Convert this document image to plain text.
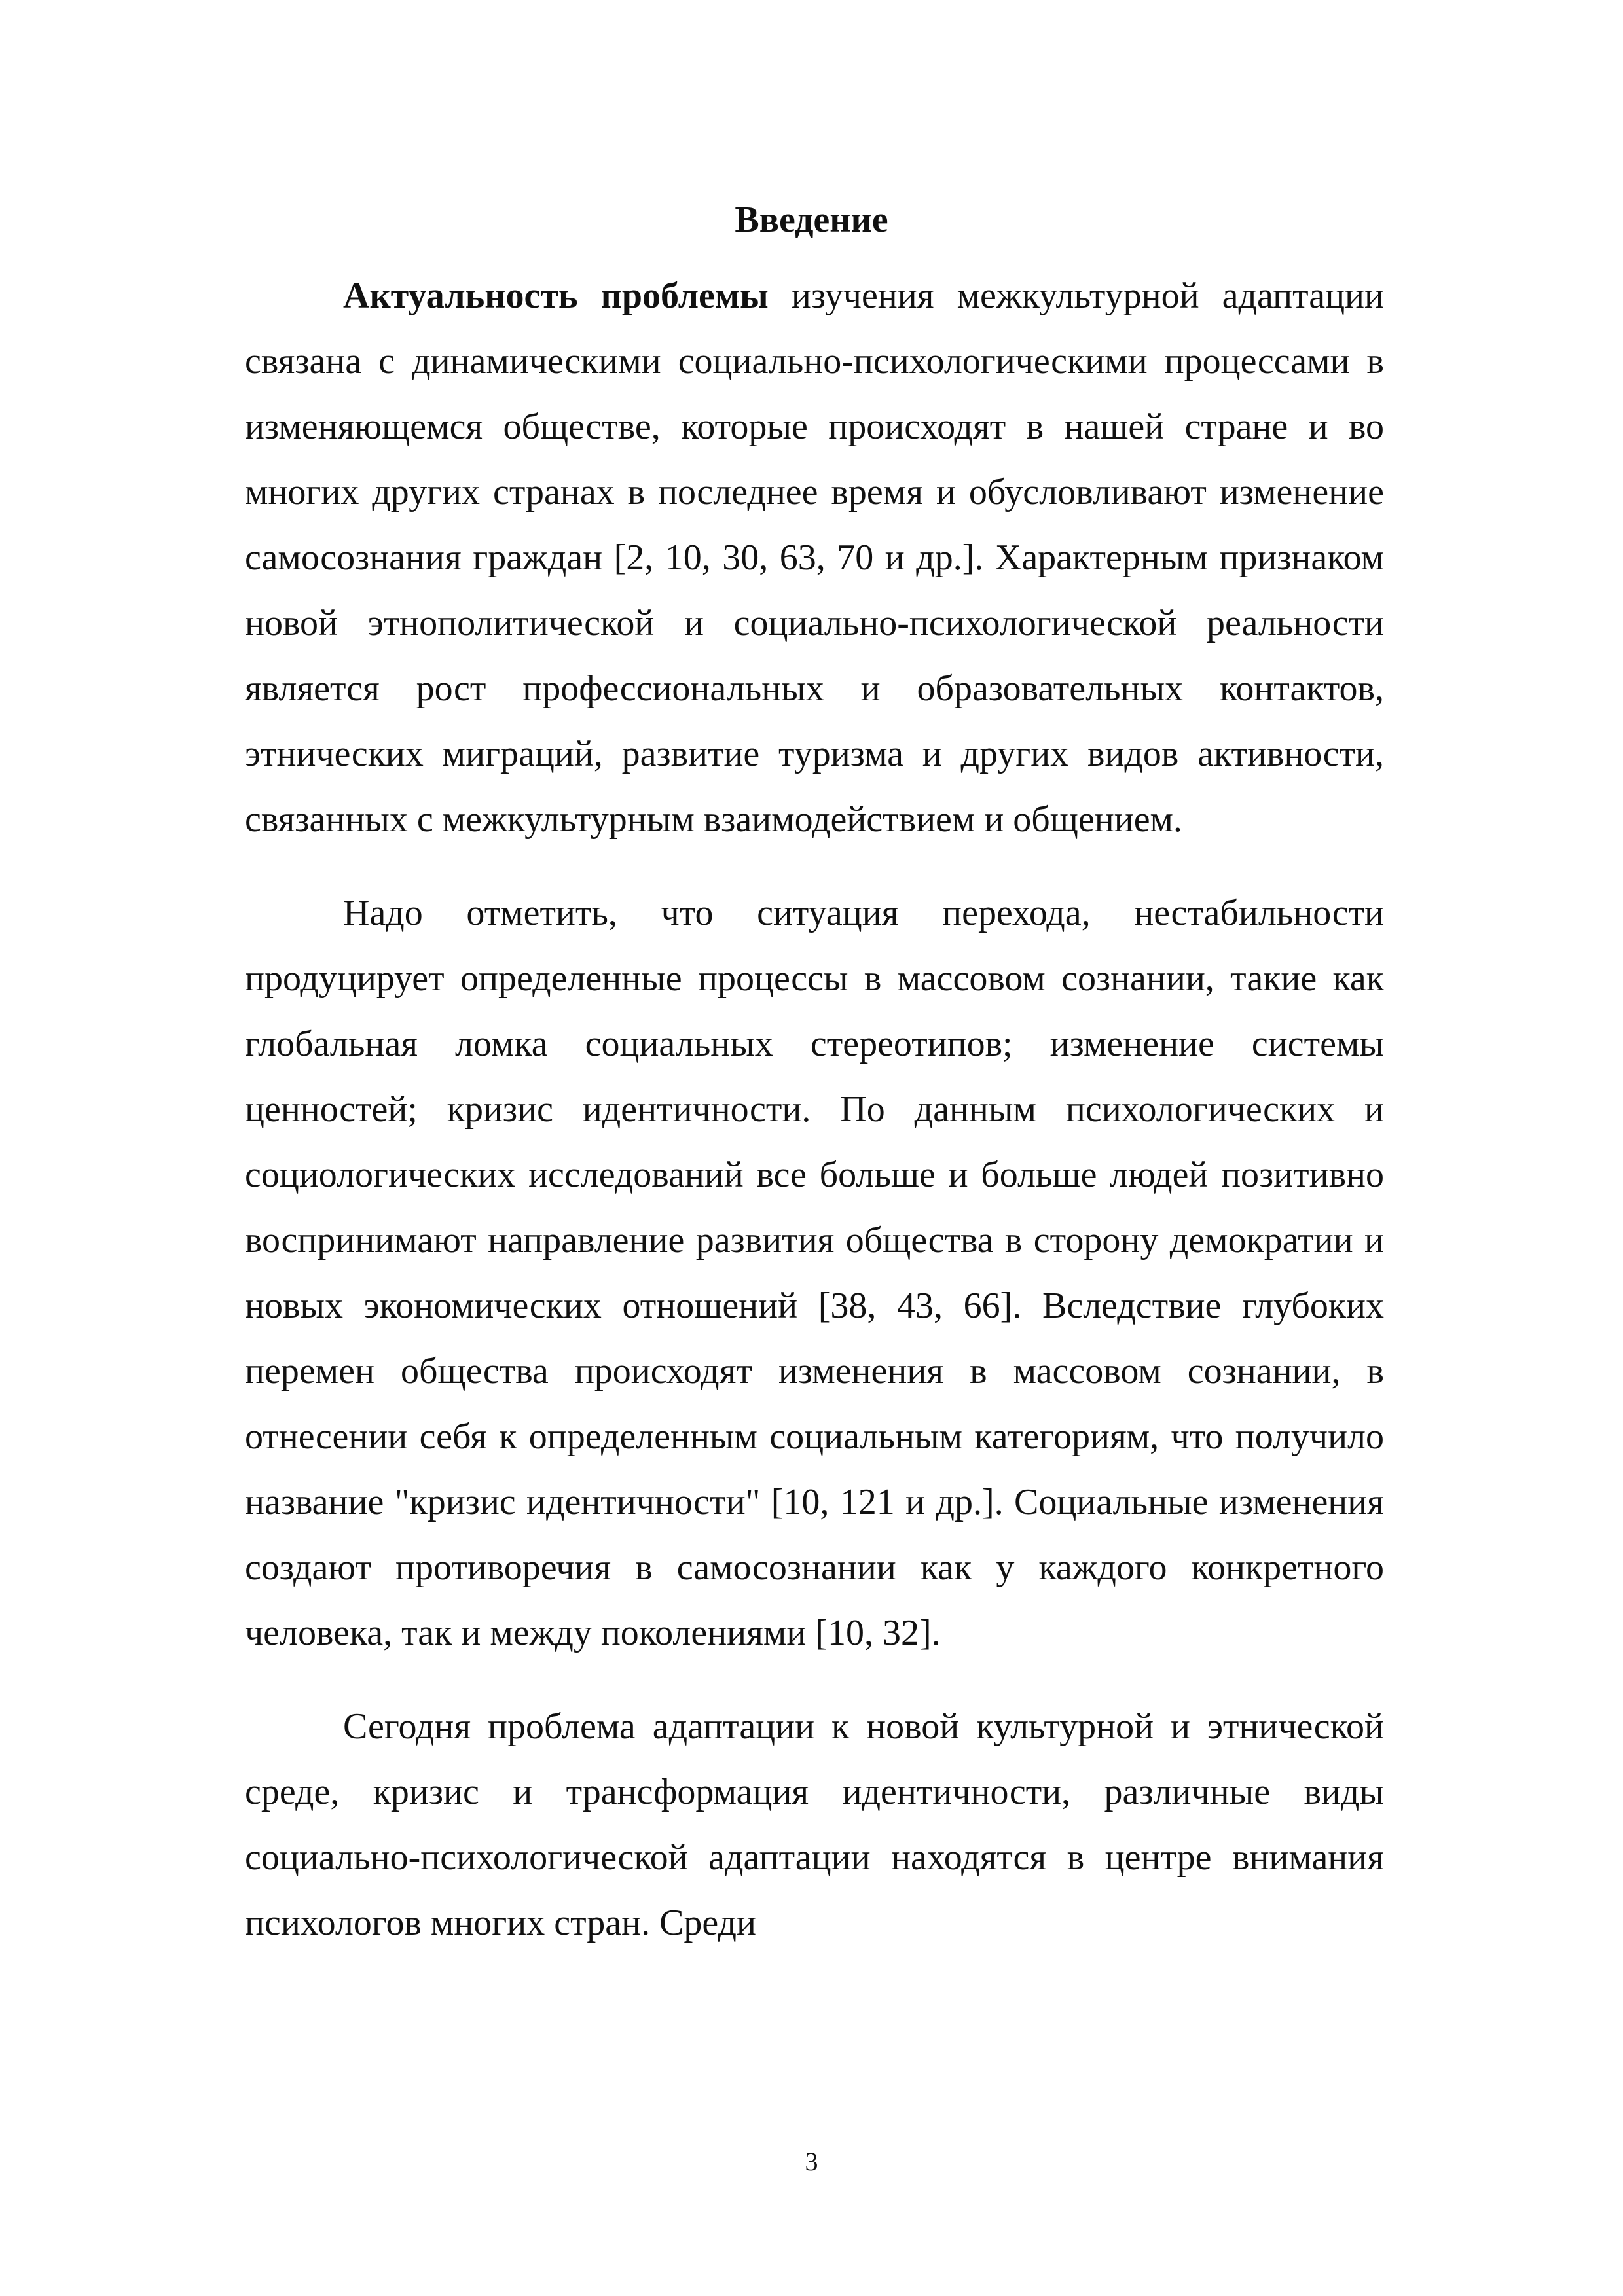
Введение

Актуальность проблемы изучения межкультурной адаптации связана с динамическими социально-психологическими процессами в изменяющемся обществе, которые происходят в нашей стране и во многих других странах в последнее время и обусловливают изменение самосознания граждан [2, 10, 30, 63, 70 и др.]. Характерным признаком новой этнополитической и социально-психологической реальности является рост профессиональных и образовательных контактов, этнических миграций, развитие туризма и других видов активности, связанных с межкультурным взаимодействием и общением.

Надо отметить, что ситуация перехода, нестабильности продуцирует определенные процессы в массовом сознании, такие как глобальная ломка социальных стереотипов; изменение системы ценностей; кризис идентичности. По данным психологических и социологических исследований все больше и больше людей позитивно воспринимают направление развития общества в сторону демократии и новых экономических отношений [38, 43, 66]. Вследствие глубоких перемен общества происходят изменения в массовом сознании, в отнесении себя к определенным социальным категориям, что получило название "кризис идентичности" [10, 121 и др.]. Социальные изменения создают противоречия в самосознании как у каждого конкретного человека, так и между поколениями [10, 32].

Сегодня проблема адаптации к новой культурной и этнической среде, кризис и трансформация идентичности, различные виды социально-психологической адаптации находятся в центре внимания психологов многих стран. Среди

3
